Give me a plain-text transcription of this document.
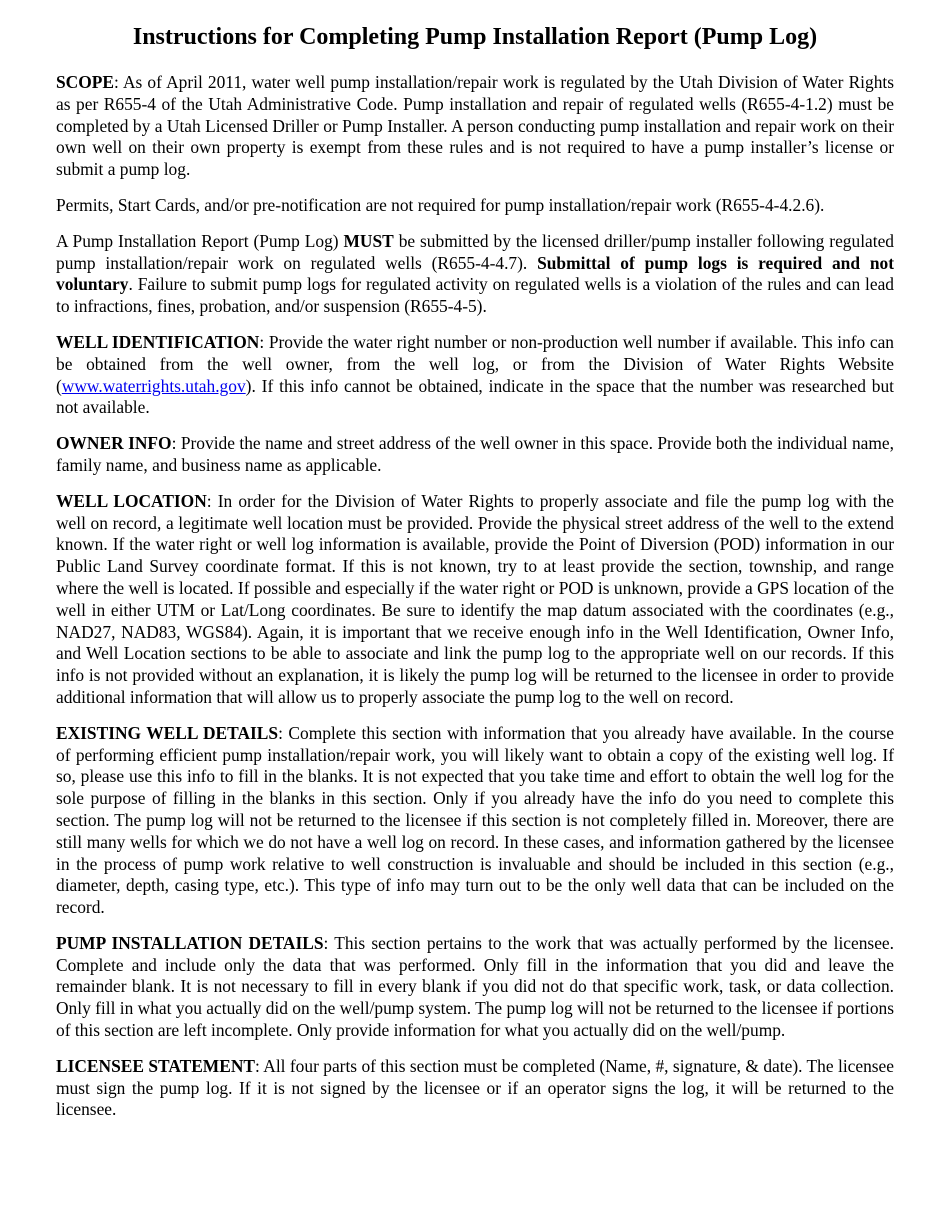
Instructions for Completing Pump Installation Report (Pump Log)

SCOPE: As of April 2011, water well pump installation/repair work is regulated by the Utah Division of Water Rights as per R655-4 of the Utah Administrative Code. Pump installation and repair of regulated wells (R655-4-1.2) must be completed by a Utah Licensed Driller or Pump Installer. A person conducting pump installation and repair work on their own well on their own property is exempt from these rules and is not required to have a pump installer’s license or submit a pump log.

Permits, Start Cards, and/or pre-notification are not required for pump installation/repair work (R655-4-4.2.6).

A Pump Installation Report (Pump Log) MUST be submitted by the licensed driller/pump installer following regulated pump installation/repair work on regulated wells (R655-4-4.7). Submittal of pump logs is required and not voluntary. Failure to submit pump logs for regulated activity on regulated wells is a violation of the rules and can lead to infractions, fines, probation, and/or suspension (R655-4-5).

WELL IDENTIFICATION: Provide the water right number or non-production well number if available. This info can be obtained from the well owner, from the well log, or from the Division of Water Rights Website (www.waterrights.utah.gov). If this info cannot be obtained, indicate in the space that the number was researched but not available.

OWNER INFO: Provide the name and street address of the well owner in this space. Provide both the individual name, family name, and business name as applicable.

WELL LOCATION: In order for the Division of Water Rights to properly associate and file the pump log with the well on record, a legitimate well location must be provided. Provide the physical street address of the well to the extend known. If the water right or well log information is available, provide the Point of Diversion (POD) information in our Public Land Survey coordinate format. If this is not known, try to at least provide the section, township, and range where the well is located. If possible and especially if the water right or POD is unknown, provide a GPS location of the well in either UTM or Lat/Long coordinates. Be sure to identify the map datum associated with the coordinates (e.g., NAD27, NAD83, WGS84). Again, it is important that we receive enough info in the Well Identification, Owner Info, and Well Location sections to be able to associate and link the pump log to the appropriate well on our records. If this info is not provided without an explanation, it is likely the pump log will be returned to the licensee in order to provide additional information that will allow us to properly associate the pump log to the well on record.

EXISTING WELL DETAILS: Complete this section with information that you already have available. In the course of performing efficient pump installation/repair work, you will likely want to obtain a copy of the existing well log. If so, please use this info to fill in the blanks. It is not expected that you take time and effort to obtain the well log for the sole purpose of filling in the blanks in this section. Only if you already have the info do you need to complete this section. The pump log will not be returned to the licensee if this section is not completely filled in. Moreover, there are still many wells for which we do not have a well log on record. In these cases, and information gathered by the licensee in the process of pump work relative to well construction is invaluable and should be included in this section (e.g., diameter, depth, casing type, etc.). This type of info may turn out to be the only well data that can be included on the record.

PUMP INSTALLATION DETAILS: This section pertains to the work that was actually performed by the licensee. Complete and include only the data that was performed. Only fill in the information that you did and leave the remainder blank. It is not necessary to fill in every blank if you did not do that specific work, task, or data collection. Only fill in what you actually did on the well/pump system. The pump log will not be returned to the licensee if portions of this section are left incomplete. Only provide information for what you actually did on the well/pump.

LICENSEE STATEMENT: All four parts of this section must be completed (Name, #, signature, & date). The licensee must sign the pump log. If it is not signed by the licensee or if an operator signs the log, it will be returned to the licensee.
